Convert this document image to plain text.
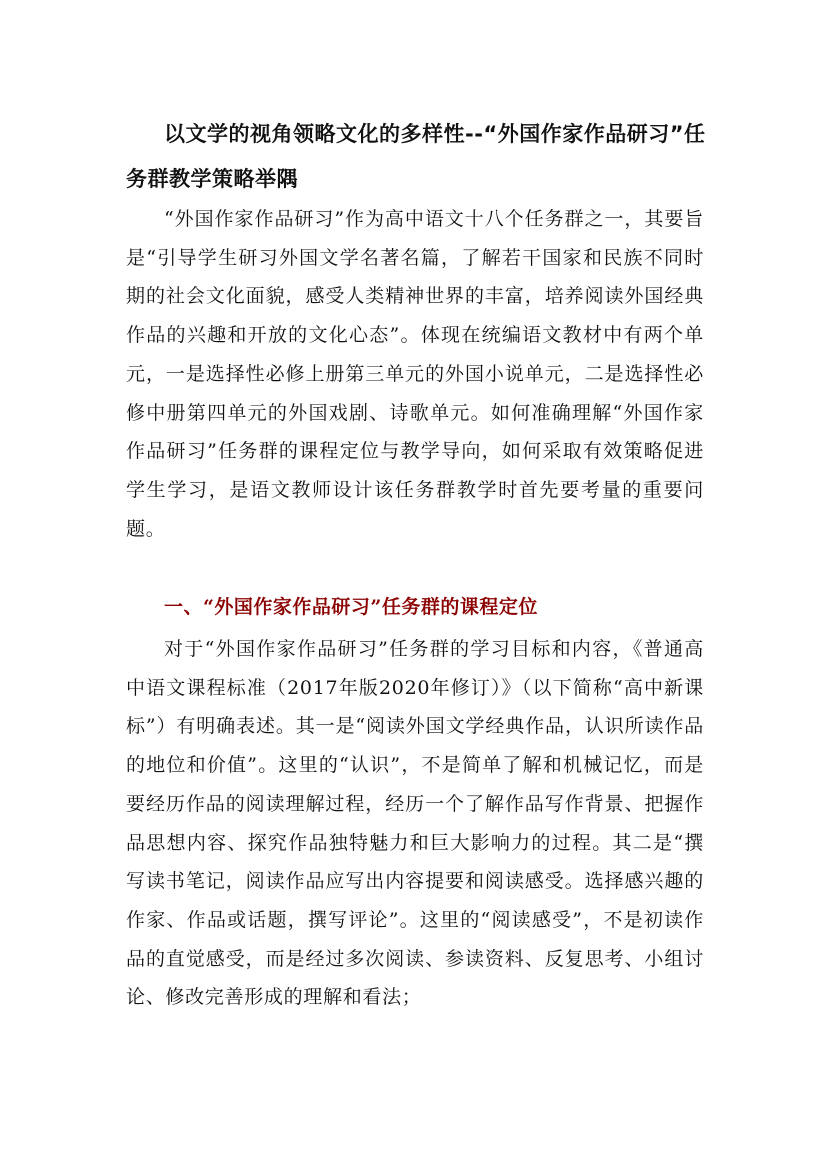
以文学的视角领略文化的多样性--“外国作家作品研习”任务群教学策略举隅

“外国作家作品研习”作为高中语文十八个任务群之一，其要旨是“引导学生研习外国文学名著名篇，了解若干国家和民族不同时期的社会文化面貌，感受人类精神世界的丰富，培养阅读外国经典作品的兴趣和开放的文化心态”。体现在统编语文教材中有两个单元，一是选择性必修上册第三单元的外国小说单元，二是选择性必修中册第四单元的外国戏剧、诗歌单元。如何准确理解“外国作家作品研习”任务群的课程定位与教学导向，如何采取有效策略促进学生学习，是语文教师设计该任务群教学时首先要考量的重要问题。

一、“外国作家作品研习”任务群的课程定位

对于“外国作家作品研习”任务群的学习目标和内容，《普通高中语文课程标准（2017年版2020年修订）》（以下简称“高中新课标”）有明确表述。其一是“阅读外国文学经典作品，认识所读作品的地位和价值”。这里的“认识”，不是简单了解和机械记忆，而是要经历作品的阅读理解过程，经历一个了解作品写作背景、把握作品思想内容、探究作品独特魅力和巨大影响力的过程。其二是“撰写读书笔记，阅读作品应写出内容提要和阅读感受。选择感兴趣的作家、作品或话题，撰写评论”。这里的“阅读感受”，不是初读作品的直觉感受，而是经过多次阅读、参读资料、反复思考、小组讨论、修改完善形成的理解和看法；
